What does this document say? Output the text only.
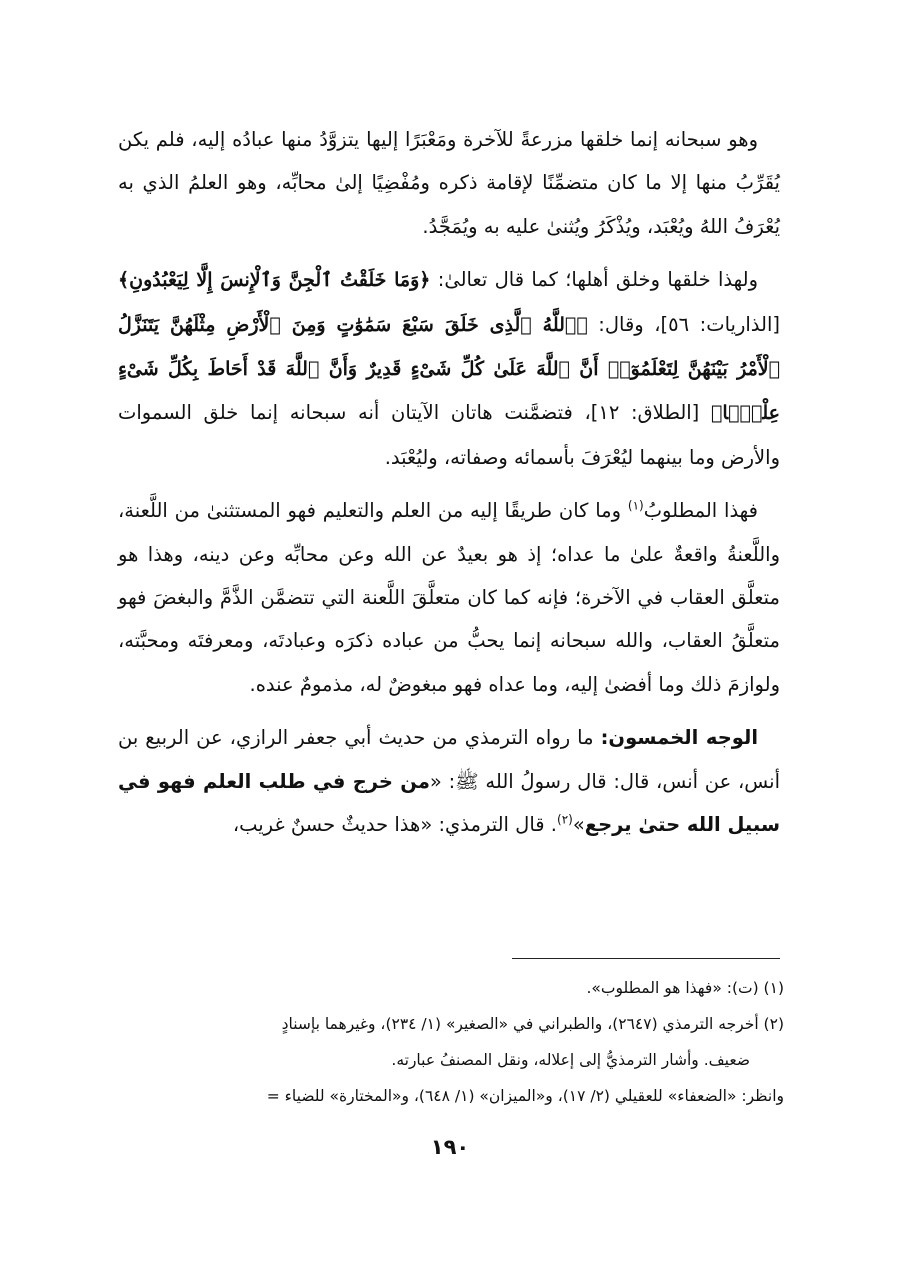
وهو سبحانه إنما خلقها مزرعةً للآخرة ومَعْبَرًا إليها يتزوَّدُ منها عبادُه إليه، فلم يكن يُقَرِّبُ منها إلا ما كان متضمِّنًا لإقامة ذكره ومُفْضِيًا إلىٰ محابِّه، وهو العلمُ الذي به يُعْرَفُ اللهُ ويُعْبَد، ويُذْكَرُ ويُثنىٰ عليه به ويُمَجَّدُ.

ولهذا خلقها وخلق أهلها؛ كما قال تعالىٰ: ﴿وَمَا خَلَقْتُ ٱلْجِنَّ وَٱلْإِنسَ إِلَّا لِيَعْبُدُونِ﴾ [الذاريات: ٥٦]، وقال: ﴿ٱللَّهُ ٱلَّذِى خَلَقَ سَبْعَ سَمَٰوَٰتٍ وَمِنَ ٱلْأَرْضِ مِثْلَهُنَّ يَتَنَزَّلُ ٱلْأَمْرُ بَيْنَهُنَّ لِتَعْلَمُوٓا۟ أَنَّ ٱللَّهَ عَلَىٰ كُلِّ شَىْءٍ قَدِيرٌ وَأَنَّ ٱللَّهَ قَدْ أَحَاطَ بِكُلِّ شَىْءٍ عِلْمًۢا﴾ [الطلاق: ١٢]، فتضمَّنت هاتان الآيتان أنه سبحانه إنما خلق السموات والأرض وما بينهما ليُعْرَفَ بأسمائه وصفاته، وليُعْبَد.

فهذا المطلوبُ$^{(١)}$ وما كان طريقًا إليه من العلم والتعليم فهو المستثنىٰ من اللَّعنة، واللَّعنةُ واقعةٌ علىٰ ما عداه؛ إذ هو بعيدٌ عن الله وعن محابِّه وعن دينه، وهذا هو متعلَّق العقاب في الآخرة؛ فإنه كما كان متعلَّقَ اللَّعنة التي تتضمَّن الذَّمَّ والبغضَ فهو متعلَّقُ العقاب، والله سبحانه إنما يحبُّ من عباده ذكرَه وعبادتَه، ومعرفتَه ومحبَّته، ولوازمَ ذلك وما أفضىٰ إليه، وما عداه فهو مبغوضٌ له، مذمومٌ عنده.

الوجه الخمسون: ما رواه الترمذي من حديث أبي جعفر الرازي، عن الربيع بن أنس، عن أنس، قال: قال رسولُ الله ﷺ: «من خرج في طلب العلم فهو في سبيل الله حتىٰ يرجع»$^{(٢)}$. قال الترمذي: «هذا حديثٌ حسنٌ غريب،

(١) (ت): «فهذا هو المطلوب».

(٢) أخرجه الترمذي (٢٦٤٧)، والطبراني في «الصغير» (١/ ٢٣٤)، وغيرهما بإسنادٍ

ضعيف. وأشار الترمذيُّ إلى إعلاله، ونقل المصنفُ عبارته.

وانظر: «الضعفاء» للعقيلي (٢/ ١٧)، و«الميزان» (١/ ٦٤٨)، و«المختارة» للضياء =

١٩٠
